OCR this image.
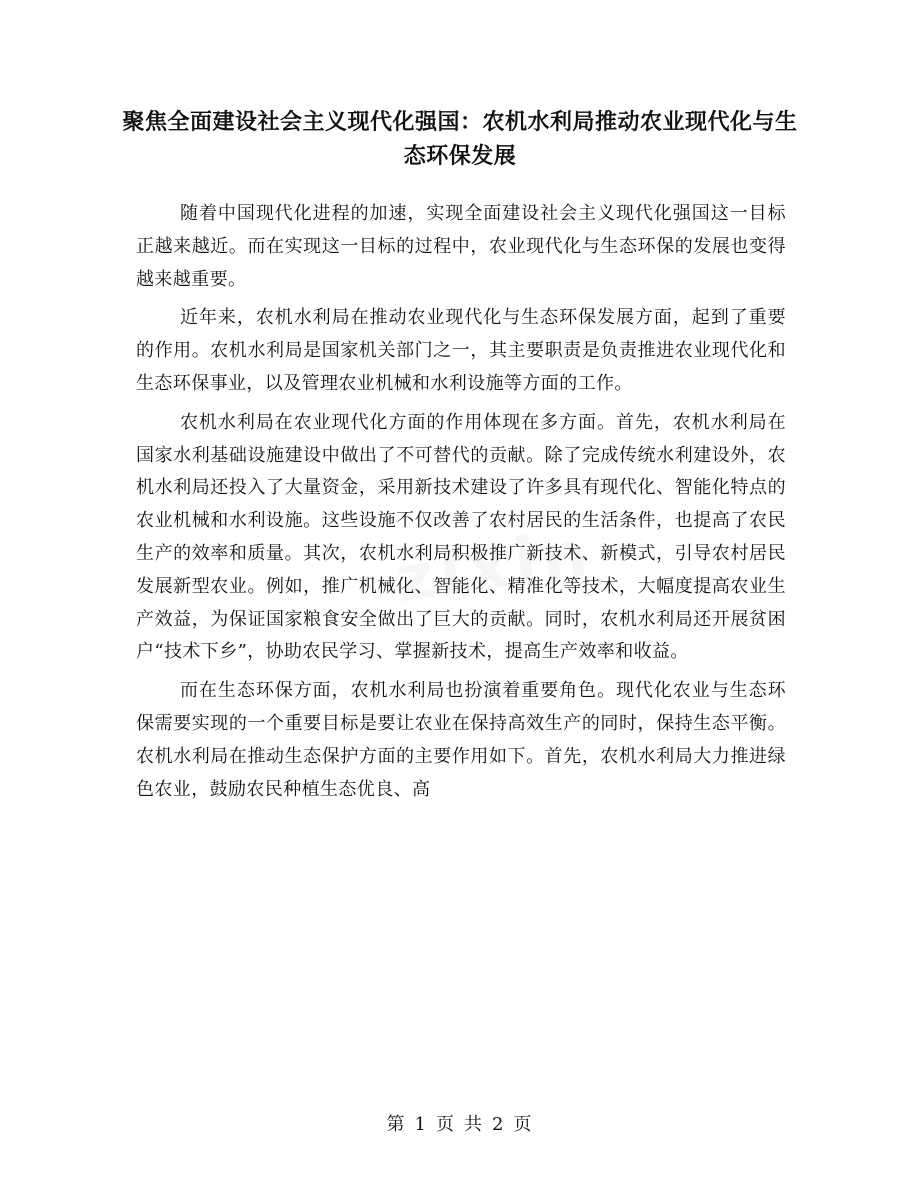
聚焦全面建设社会主义现代化强国：农机水利局推动农业现代化与生态环保发展

随着中国现代化进程的加速，实现全面建设社会主义现代化强国这一目标正越来越近。而在实现这一目标的过程中，农业现代化与生态环保的发展也变得越来越重要。

近年来，农机水利局在推动农业现代化与生态环保发展方面，起到了重要的作用。农机水利局是国家机关部门之一，其主要职责是负责推进农业现代化和生态环保事业，以及管理农业机械和水利设施等方面的工作。

农机水利局在农业现代化方面的作用体现在多方面。首先，农机水利局在国家水利基础设施建设中做出了不可替代的贡献。除了完成传统水利建设外，农机水利局还投入了大量资金，采用新技术建设了许多具有现代化、智能化特点的农业机械和水利设施。这些设施不仅改善了农村居民的生活条件，也提高了农民生产的效率和质量。其次，农机水利局积极推广新技术、新模式，引导农村居民发展新型农业。例如，推广机械化、智能化、精准化等技术，大幅度提高农业生产效益，为保证国家粮食安全做出了巨大的贡献。同时，农机水利局还开展贫困户“技术下乡”，协助农民学习、掌握新技术，提高生产效率和收益。

而在生态环保方面，农机水利局也扮演着重要角色。现代化农业与生态环保需要实现的一个重要目标是要让农业在保持高效生产的同时，保持生态平衡。农机水利局在推动生态保护方面的主要作用如下。首先，农机水利局大力推进绿色农业，鼓励农民种植生态优良、高

第 1 页 共 2 页
